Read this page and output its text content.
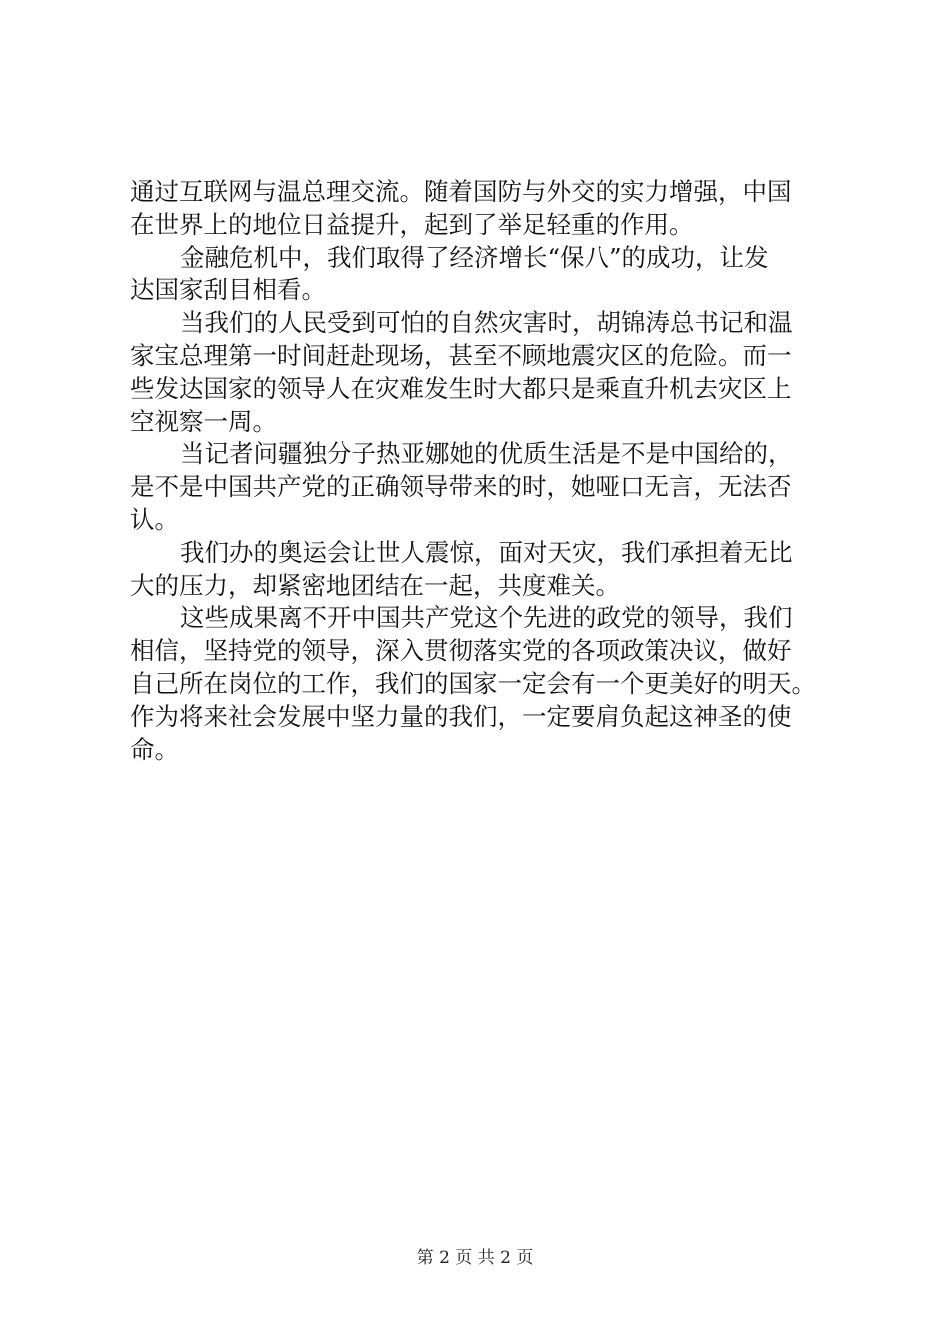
通过互联网与温总理交流。随着国防与外交的实力增强，中国
在世界上的地位日益提升，起到了举足轻重的作用。
金融危机中，我们取得了经济增长“保八”的成功，让发
达国家刮目相看。
当我们的人民受到可怕的自然灾害时，胡锦涛总书记和温
家宝总理第一时间赶赴现场，甚至不顾地震灾区的危险。而一
些发达国家的领导人在灾难发生时大都只是乘直升机去灾区上
空视察一周。
当记者问疆独分子热亚娜她的优质生活是不是中国给的，
是不是中国共产党的正确领导带来的时，她哑口无言，无法否
认。
我们办的奥运会让世人震惊，面对天灾，我们承担着无比
大的压力，却紧密地团结在一起，共度难关。
这些成果离不开中国共产党这个先进的政党的领导，我们
相信，坚持党的领导，深入贯彻落实党的各项政策决议，做好
自己所在岗位的工作，我们的国家一定会有一个更美好的明天。
作为将来社会发展中坚力量的我们，一定要肩负起这神圣的使
命。
第 2 页 共 2 页
